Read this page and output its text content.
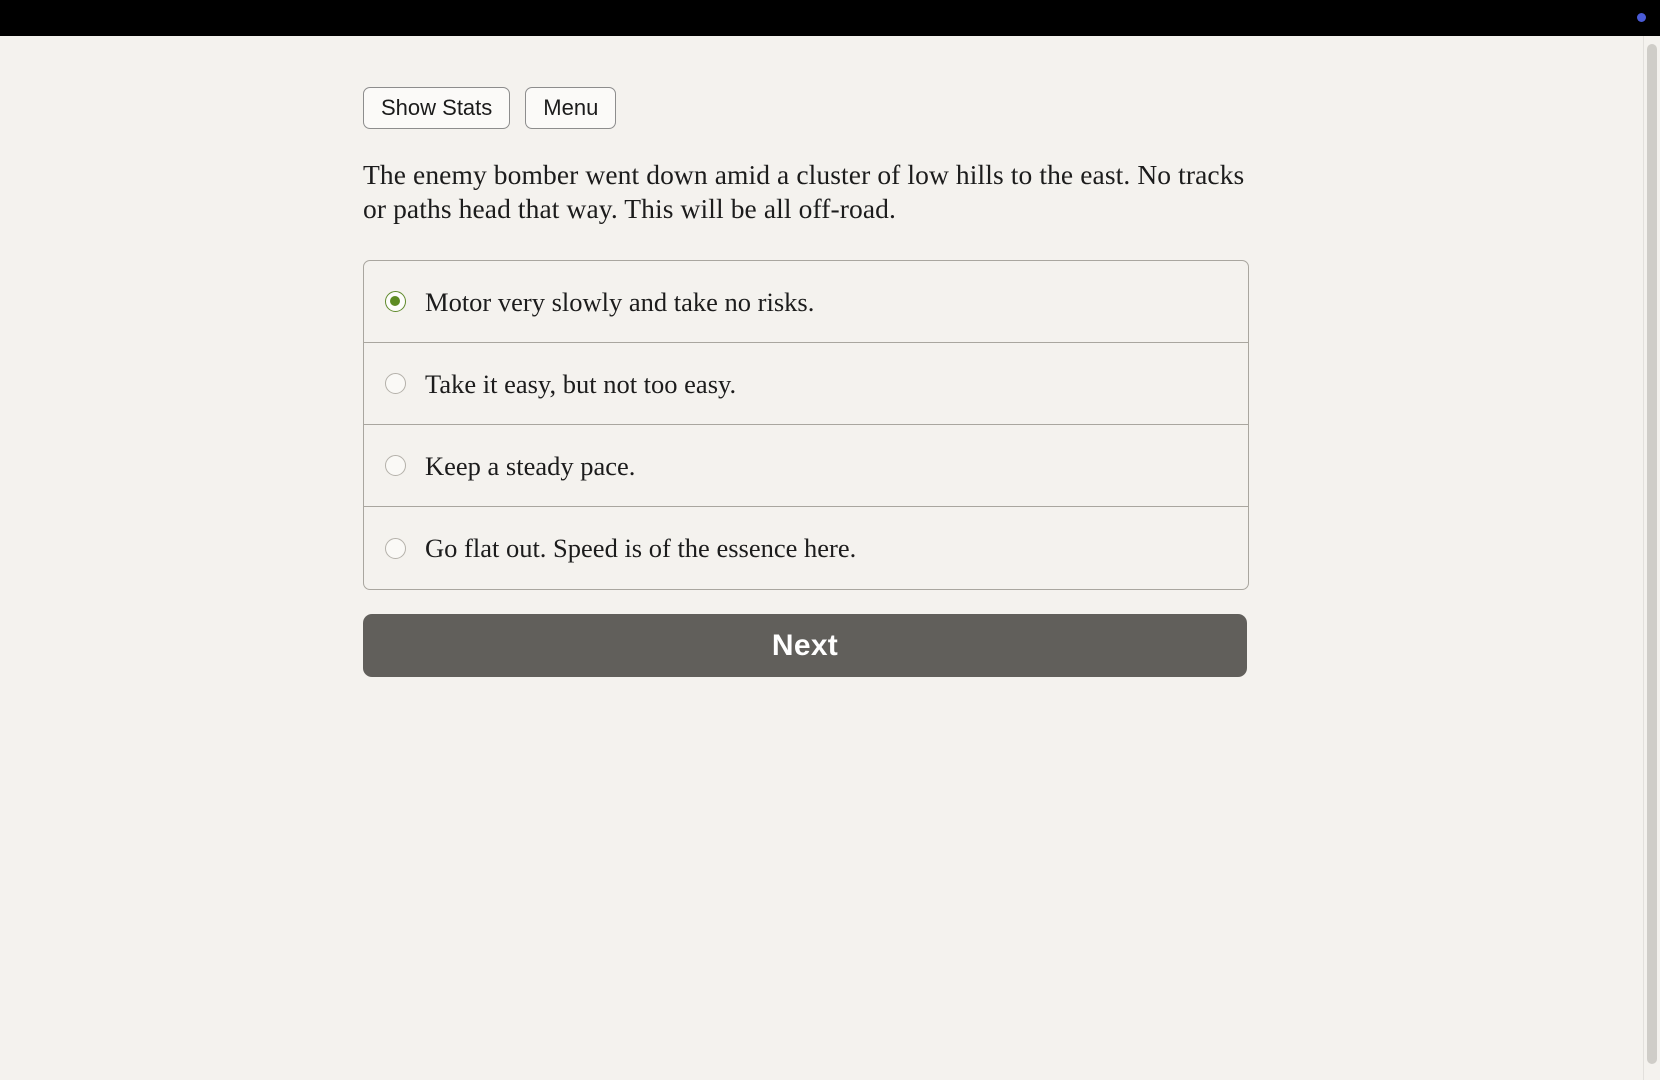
Show Stats	Menu
The enemy bomber went down amid a cluster of low hills to the east. No tracks or paths head that way. This will be all off-road.
Motor very slowly and take no risks.
Take it easy, but not too easy.
Keep a steady pace.
Go flat out. Speed is of the essence here.
Next
